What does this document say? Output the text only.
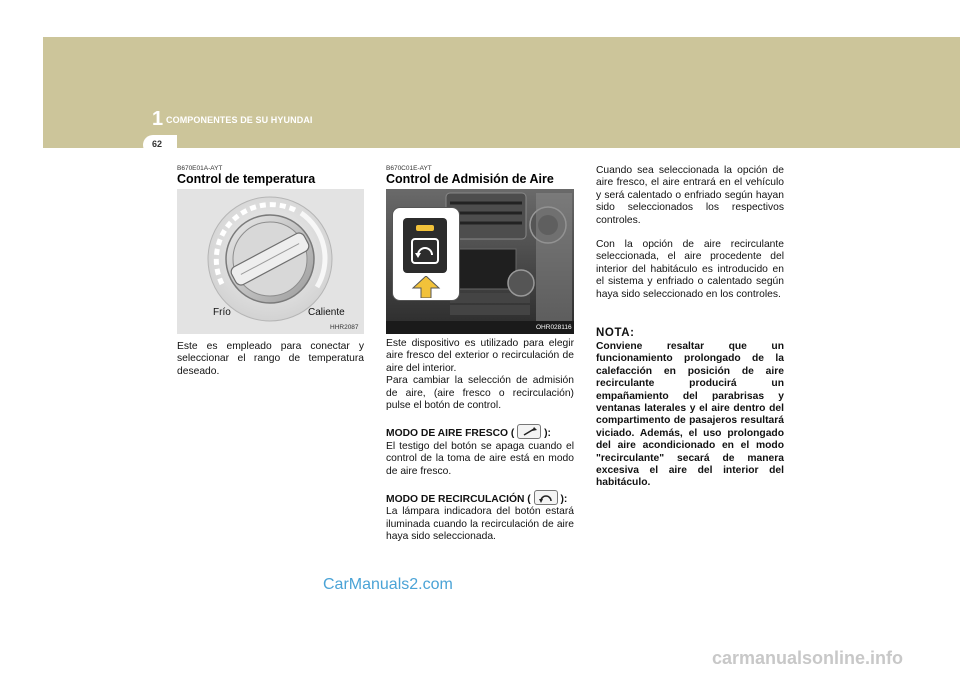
1 COMPONENTES DE SU HYUNDAI
62
B670E01A-AYT
Control de temperatura
Frío	Caliente
HHR2087
Este es empleado para conectar y seleccionar el rango de temperatura deseado.
B670C01E-AYT
Control de Admisión de Aire
OHR028116
Este dispositivo es utilizado para elegir aire fresco del exterior o recirculación de aire del interior.
Para cambiar la selección de admisión de aire, (aire fresco o recirculación) pulse el botón de control.
MODO DE AIRE FRESCO (	):
El testigo del botón se apaga cuando el control de la toma de aire está en modo de aire fresco.
MODO DE RECIRCULACIÓN (	):
La lámpara indicadora del botón estará iluminada cuando la recirculación de aire haya sido seleccionada.

Cuando sea seleccionada la opción de aire fresco, el aire entrará en el vehículo y será calentado o enfriado según hayan sido seleccionados los respectivos controles.

Con la opción de aire recirculante seleccionada, el aire procedente del interior del habitáculo es introducido en el sistema y enfriado o calentado según haya sido seleccionado en los controles.

NOTA:
Conviene resaltar que un funcionamiento prolongado de la calefacción en posición de aire recirculante producirá un empañamiento del parabrisas y ventanas laterales y el aire dentro del compartimento de pasajeros resultará viciado. Además, el uso prolongado del aire acondicionado en el modo "recirculante" secará de manera excesiva el aire del interior del habitáculo.
CarManuals2.com
carmanualsonline.info
